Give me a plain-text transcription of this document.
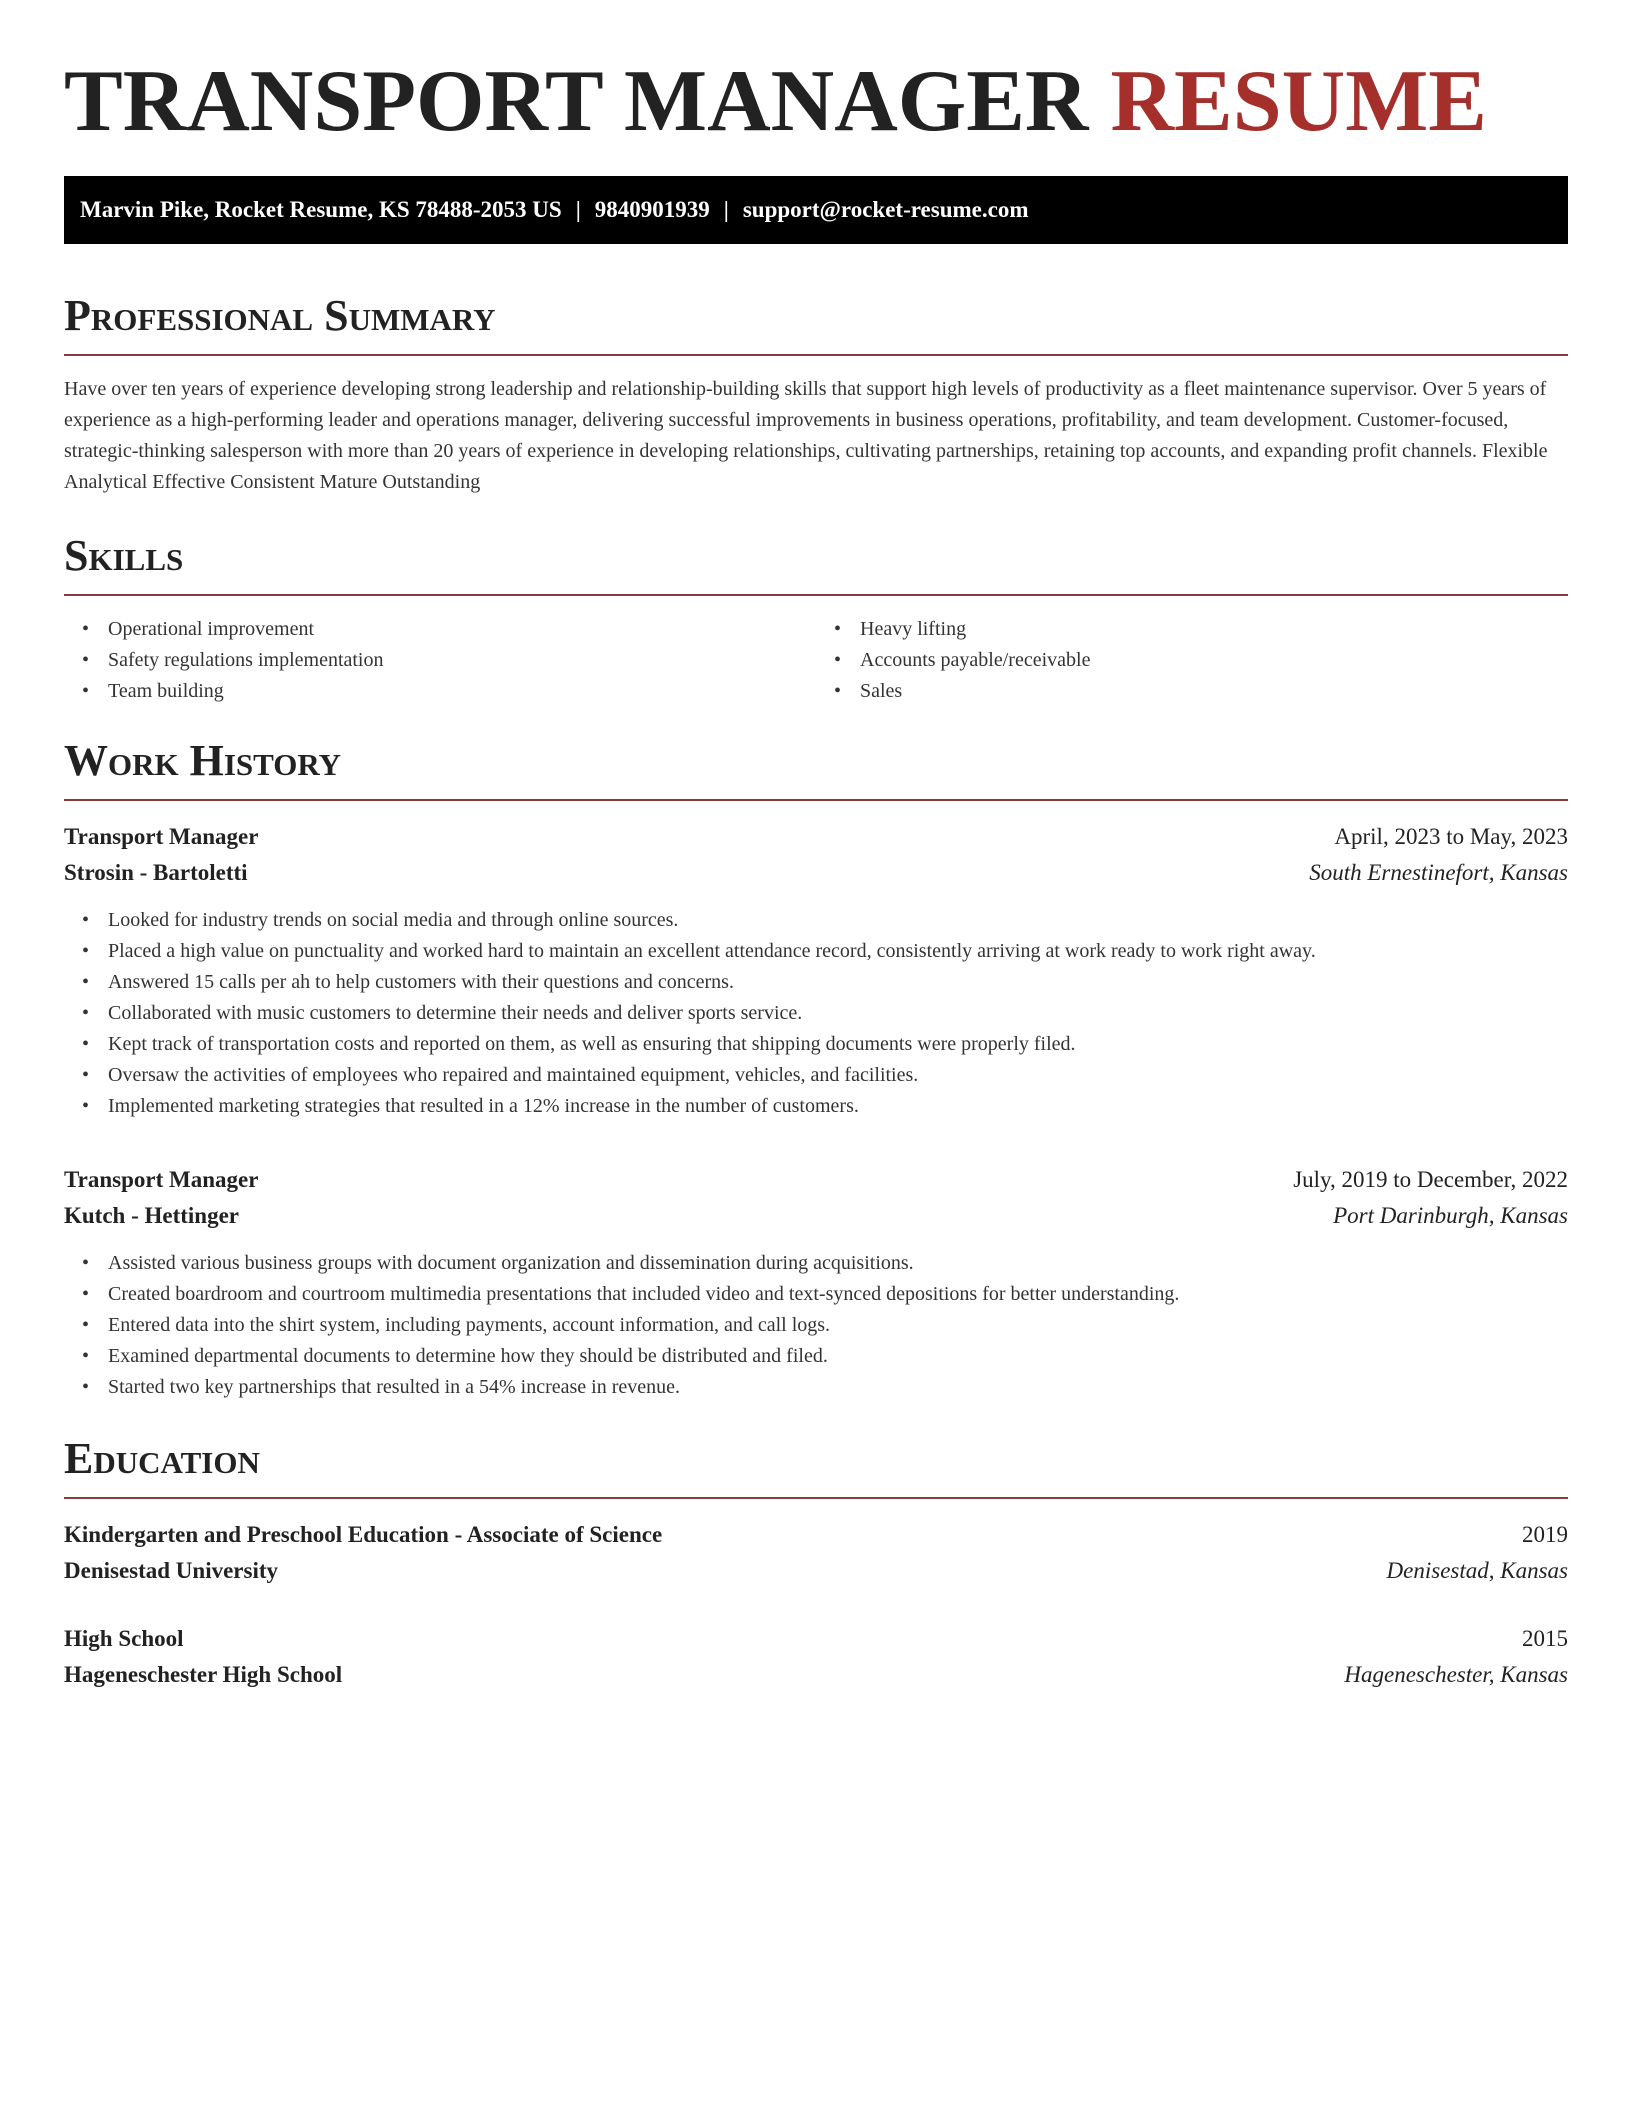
TRANSPORT MANAGER RESUME
Marvin Pike, Rocket Resume, KS 78488-2053 US | 9840901939 | support@rocket-resume.com
Professional Summary

Have over ten years of experience developing strong leadership and relationship-building skills that support high levels of productivity as a fleet maintenance supervisor. Over 5 years of experience as a high-performing leader and operations manager, delivering successful improvements in business operations, profitability, and team development. Customer-focused, strategic-thinking salesperson with more than 20 years of experience in developing relationships, cultivating partnerships, retaining top accounts, and expanding profit channels. Flexible Analytical Effective Consistent Mature Outstanding

Skills
• Operational improvement
• Safety regulations implementation
• Team building
• Heavy lifting
• Accounts payable/receivable
• Sales
Work History
Transport Manager	April, 2023 to May, 2023
Strosin - Bartoletti	South Ernestinefort, Kansas
• Looked for industry trends on social media and through online sources.
• Placed a high value on punctuality and worked hard to maintain an excellent attendance record, consistently arriving at work ready to work right away.
• Answered 15 calls per ah to help customers with their questions and concerns.
• Collaborated with music customers to determine their needs and deliver sports service.
• Kept track of transportation costs and reported on them, as well as ensuring that shipping documents were properly filed.
• Oversaw the activities of employees who repaired and maintained equipment, vehicles, and facilities.
• Implemented marketing strategies that resulted in a 12% increase in the number of customers.
Transport Manager	July, 2019 to December, 2022
Kutch - Hettinger	Port Darinburgh, Kansas
• Assisted various business groups with document organization and dissemination during acquisitions.
• Created boardroom and courtroom multimedia presentations that included video and text-synced depositions for better understanding.
• Entered data into the shirt system, including payments, account information, and call logs.
• Examined departmental documents to determine how they should be distributed and filed.
• Started two key partnerships that resulted in a 54% increase in revenue.
Education
Kindergarten and Preschool Education - Associate of Science	2019
Denisestad University	Denisestad, Kansas
High School	2015
Hageneschester High School	Hageneschester, Kansas
